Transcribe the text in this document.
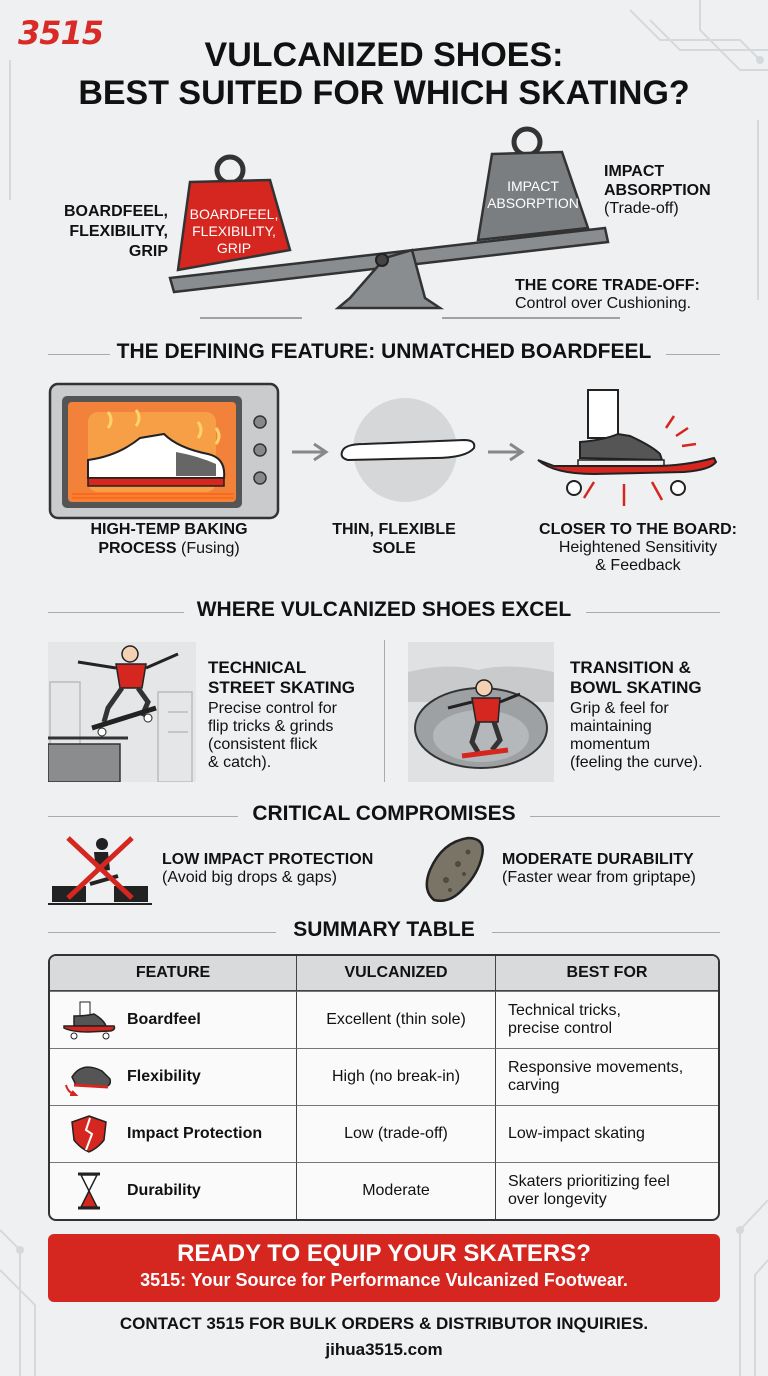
3515
VULCANIZED SHOES:
BEST SUITED FOR WHICH SKATING?
BOARDFEEL,
FLEXIBILITY,
GRIP
IMPACT
ABSORPTION
BOARDFEEL,
FLEXIBILITY,
GRIP
IMPACT
ABSORPTION
(Trade-off)
THE CORE TRADE-OFF:
Control over Cushioning.
THE DEFINING FEATURE: UNMATCHED BOARDFEEL
HIGH-TEMP BAKING
PROCESS (Fusing)
THIN, FLEXIBLE
SOLE
CLOSER TO THE BOARD:
Heightened Sensitivity
& Feedback
WHERE VULCANIZED SHOES EXCEL
TECHNICAL
STREET SKATING
Precise control for
flip tricks & grinds
(consistent flick
& catch).
TRANSITION &
BOWL SKATING
Grip & feel for
maintaining
momentum
(feeling the curve).
CRITICAL COMPROMISES
LOW IMPACT PROTECTION
(Avoid big drops & gaps)
MODERATE DURABILITY
(Faster wear from griptape)
SUMMARY TABLE
FEATURE	VULCANIZED	BEST FOR

Boardfeel	Excellent (thin sole)	Technical tricks,
precise control

Flexibility	High (no break-in)	Responsive movements,
carving

Impact Protection	Low (trade-off)	Low-impact skating

Durability	Moderate	Skaters prioritizing feel
over longevity
READY TO EQUIP YOUR SKATERS?
3515: Your Source for Performance Vulcanized Footwear.
CONTACT 3515 FOR BULK ORDERS & DISTRIBUTOR INQUIRIES.
jihua3515.com
